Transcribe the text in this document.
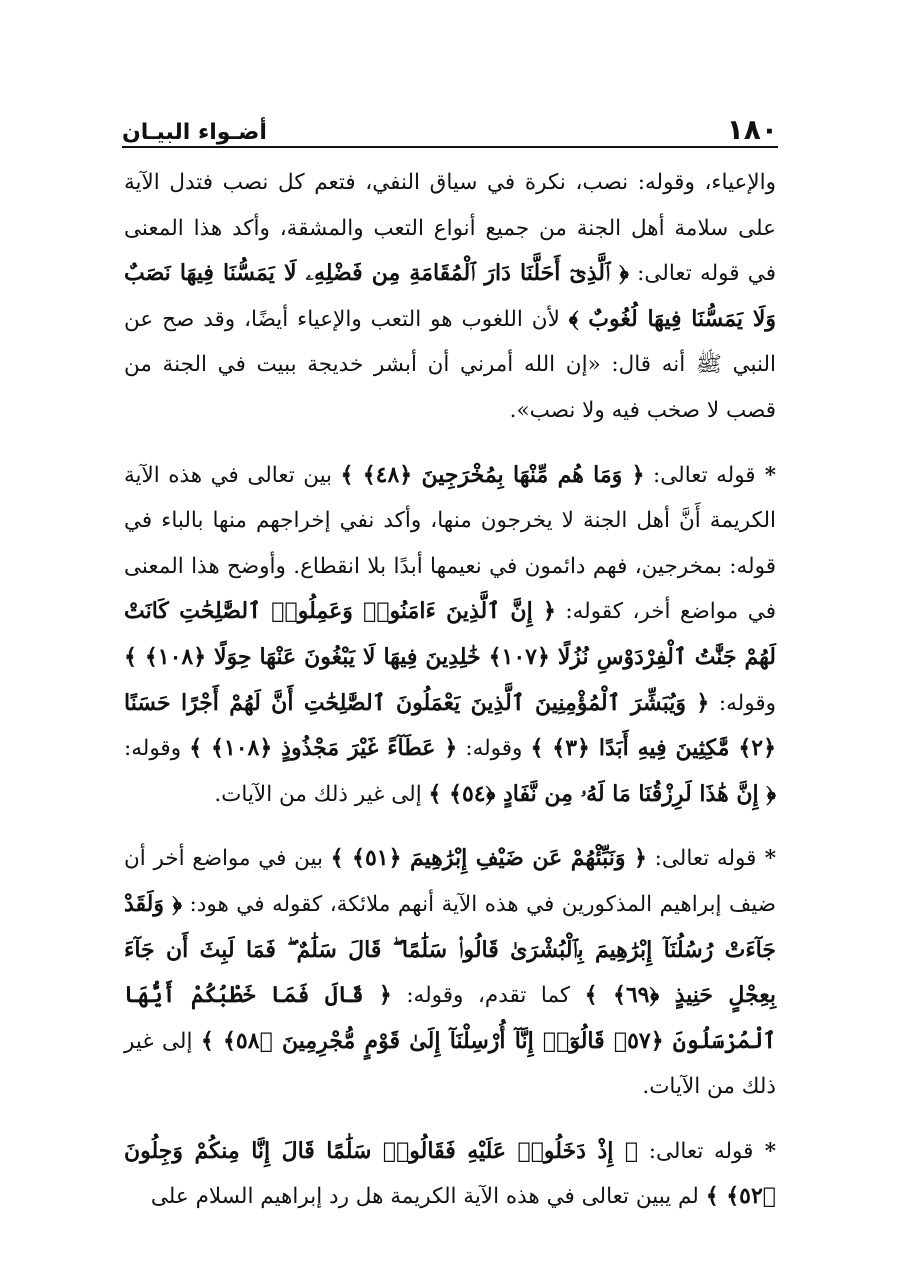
١٨٠
أضـواء البيـان

والإعياء، وقوله: نصب، نكرة في سياق النفي، فتعم كل نصب فتدل الآية على سلامة أهل الجنة من جميع أنواع التعب والمشقة، وأكد هذا المعنى في قوله تعالى: ﴿ ٱلَّذِىٓ أَحَلَّنَا دَارَ ٱلْمُقَامَةِ مِن فَضْلِهِۦ لَا يَمَسُّنَا فِيهَا نَصَبٌ وَلَا يَمَسُّنَا فِيهَا لُغُوبٌ ﴾ لأن اللغوب هو التعب والإعياء أيضًا، وقد صح عن النبي ﷺ أنه قال: «إن الله أمرني أن أبشر خديجة ببيت في الجنة من قصب لا صخب فيه ولا نصب».

* قوله تعالى: ﴿ وَمَا هُم مِّنْهَا بِمُخْرَجِينَ ﴿٤٨﴾ ﴾ بين تعالى في هذه الآية الكريمة أَنَّ أهل الجنة لا يخرجون منها، وأكد نفي إخراجهم منها بالباء في قوله: بمخرجين، فهم دائمون في نعيمها أبدًا بلا انقطاع. وأوضح هذا المعنى في مواضع أخر، كقوله: ﴿ إِنَّ ٱلَّذِينَ ءَامَنُوا۟ وَعَمِلُوا۟ ٱلصَّٰلِحَٰتِ كَانَتْ لَهُمْ جَنَّٰتُ ٱلْفِرْدَوْسِ نُزُلًا ﴿١٠٧﴾ خَٰلِدِينَ فِيهَا لَا يَبْغُونَ عَنْهَا حِوَلًا ﴿١٠٨﴾ ﴾ وقوله: ﴿ وَيُبَشِّرَ ٱلْمُؤْمِنِينَ ٱلَّذِينَ يَعْمَلُونَ ٱلصَّٰلِحَٰتِ أَنَّ لَهُمْ أَجْرًا حَسَنًا ﴿٢﴾ مَّٰكِثِينَ فِيهِ أَبَدًا ﴿٣﴾ ﴾ وقوله: ﴿ عَطَآءً غَيْرَ مَجْذُوذٍ ﴿١٠٨﴾ ﴾ وقوله: ﴿ إِنَّ هَٰذَا لَرِزْقُنَا مَا لَهُۥ مِن نَّفَادٍ ﴿٥٤﴾ ﴾ إلى غير ذلك من الآيات.

* قوله تعالى: ﴿ وَنَبِّئْهُمْ عَن ضَيْفِ إِبْرَٰهِيمَ ﴿٥١﴾ ﴾ بين في مواضع أخر أن ضيف إبراهيم المذكورين في هذه الآية أنهم ملائكة، كقوله في هود: ﴿ وَلَقَدْ جَآءَتْ رُسُلُنَآ إِبْرَٰهِيمَ بِٱلْبُشْرَىٰ قَالُوا۟ سَلَٰمًا ۖ قَالَ سَلَٰمٌ ۖ فَمَا لَبِثَ أَن جَآءَ بِعِجْلٍ حَنِيذٍ ﴿٦٩﴾ ﴾ كما تقدم، وقوله: ﴿ قَالَ فَمَا خَطْبُكُمْ أَيُّهَا ٱلْمُرْسَلُونَ ﴿٥٧﴾ قَالُوٓا۟ إِنَّآ أُرْسِلْنَآ إِلَىٰ قَوْمٍ مُّجْرِمِينَ ﴿٥٨﴾ ﴾ إلى غير ذلك من الآيات.

* قوله تعالى: ﴿ إِذْ دَخَلُوا۟ عَلَيْهِ فَقَالُوا۟ سَلَٰمًا قَالَ إِنَّا مِنكُمْ وَجِلُونَ ﴿٥٢﴾ ﴾ لم يبين تعالى في هذه الآية الكريمة هل رد إبراهيم السلام على
